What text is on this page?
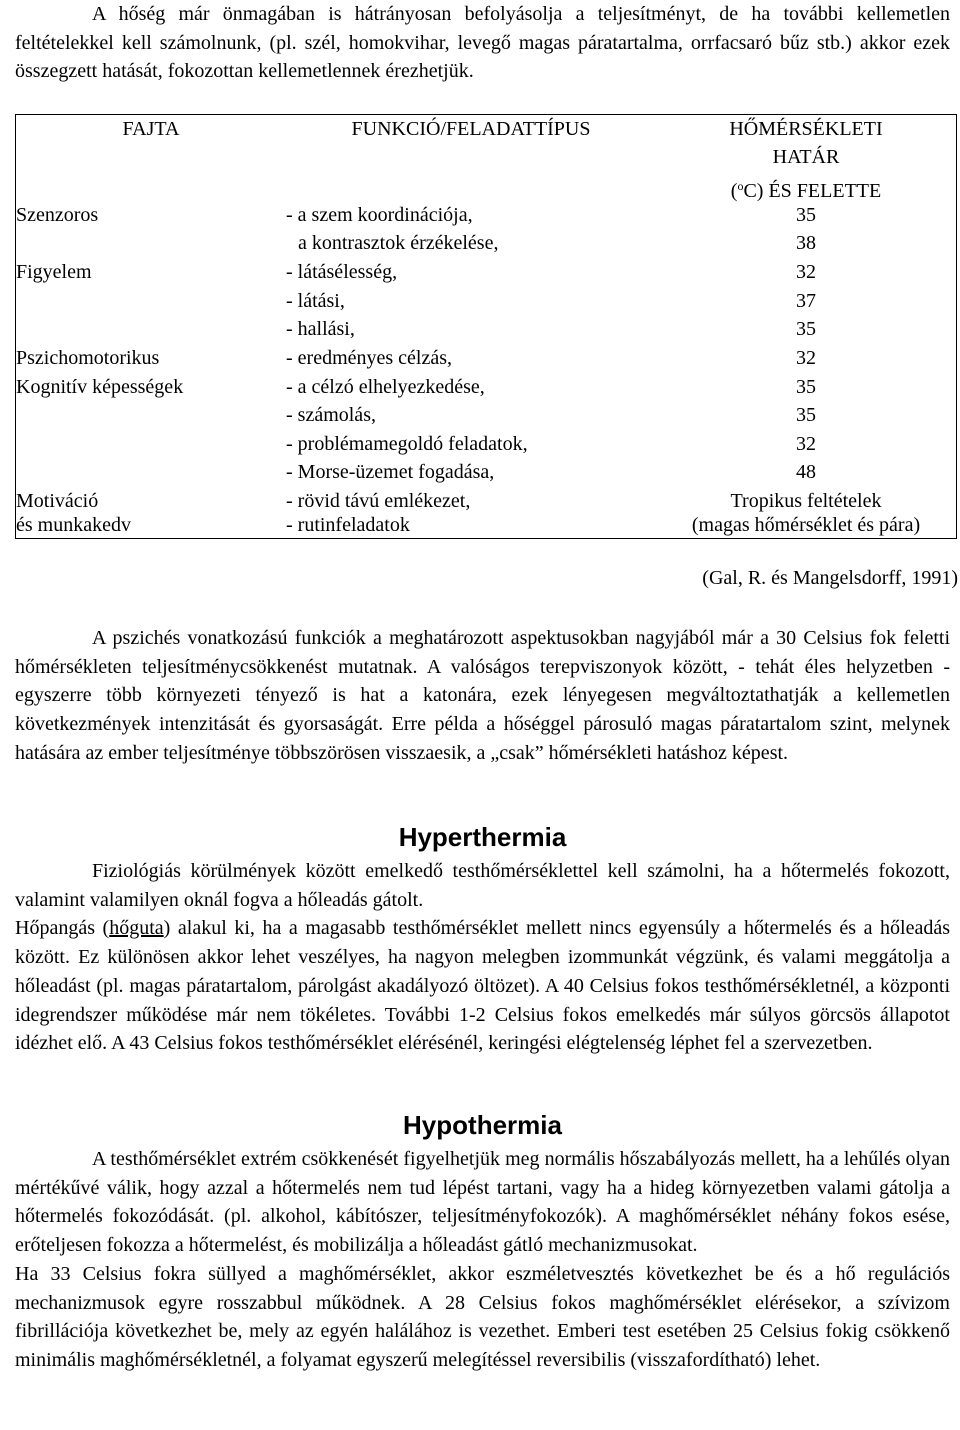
A hőség már önmagában is hátrányosan befolyásolja a teljesítményt, de ha további kellemetlen feltételekkel kell számolnunk, (pl. szél, homokvihar, levegő magas páratartalma, orrfacsaró bűz stb.) akkor ezek összegzett hatását, fokozottan kellemetlennek érezhetjük.

FAJTA
Szenzoros
Figyelem
Pszichomotorikus
Kognitív képességek
Motiváció
és munkakedv
FUNKCIÓ/FELADATTÍPUS
- a szem koordinációja,
a kontrasztok érzékelése,
- látásélesség,
- látási,
- hallási,
- eredményes célzás,
- a célzó elhelyezkedése,
- számolás,
- problémamegoldó feladatok,
- Morse-üzemet fogadása,
- rövid távú emlékezet,
- rutinfeladatok
HŐMÉRSÉKLETI
HATÁR
($^o$C) ÉS FELETTE
35
38
32
37
35
32
35
35
32
48
Tropikus feltételek
(magas hőmérséklet és pára)
(Gal, R. és Mangelsdorff, 1991)

A pszichés vonatkozású funkciók a meghatározott aspektusokban nagyjából már a 30 Celsius fok feletti hőmérsékleten teljesítménycsökkenést mutatnak. A valóságos terepviszonyok között, - tehát éles helyzetben - egyszerre több környezeti tényező is hat a katonára, ezek lényegesen megváltoztathatják a kellemetlen következmények intenzitását és gyorsaságát. Erre példa a hőséggel párosuló magas páratartalom szint, melynek hatására az ember teljesítménye többszörösen visszaesik, a „csak” hőmérsékleti hatáshoz képest.

Hyperthermia

Fiziológiás körülmények között emelkedő testhőmérséklettel kell számolni, ha a hőtermelés fokozott, valamint valamilyen oknál fogva a hőleadás gátolt.

Hőpangás (hőguta) alakul ki, ha a magasabb testhőmérséklet mellett nincs egyensúly a hőtermelés és a hőleadás között. Ez különösen akkor lehet veszélyes, ha nagyon melegben izommunkát végzünk, és valami meggátolja a hőleadást (pl. magas páratartalom, párolgást akadályozó öltözet). A 40 Celsius fokos testhőmérsékletnél, a központi idegrendszer működése már nem tökéletes. További 1-2 Celsius fokos emelkedés már súlyos görcsös állapotot idézhet elő. A 43 Celsius fokos testhőmérséklet elérésénél, keringési elégtelenség léphet fel a szervezetben.

Hypothermia

A testhőmérséklet extrém csökkenését figyelhetjük meg normális hőszabályozás mellett, ha a lehűlés olyan mértékűvé válik, hogy azzal a hőtermelés nem tud lépést tartani, vagy ha a hideg környezetben valami gátolja a hőtermelés fokozódását. (pl. alkohol, kábítószer, teljesítményfokozók). A maghőmérséklet néhány fokos esése, erőteljesen fokozza a hőtermelést, és mobilizálja a hőleadást gátló mechanizmusokat.

Ha 33 Celsius fokra süllyed a maghőmérséklet, akkor eszméletvesztés következhet be és a hő regulációs mechanizmusok egyre rosszabbul működnek. A 28 Celsius fokos maghőmérséklet elérésekor, a szívizom fibrillációja következhet be, mely az egyén halálához is vezethet. Emberi test esetében 25 Celsius fokig csökkenő minimális maghőmérsékletnél, a folyamat egyszerű melegítéssel reversibilis (visszafordítható) lehet.
